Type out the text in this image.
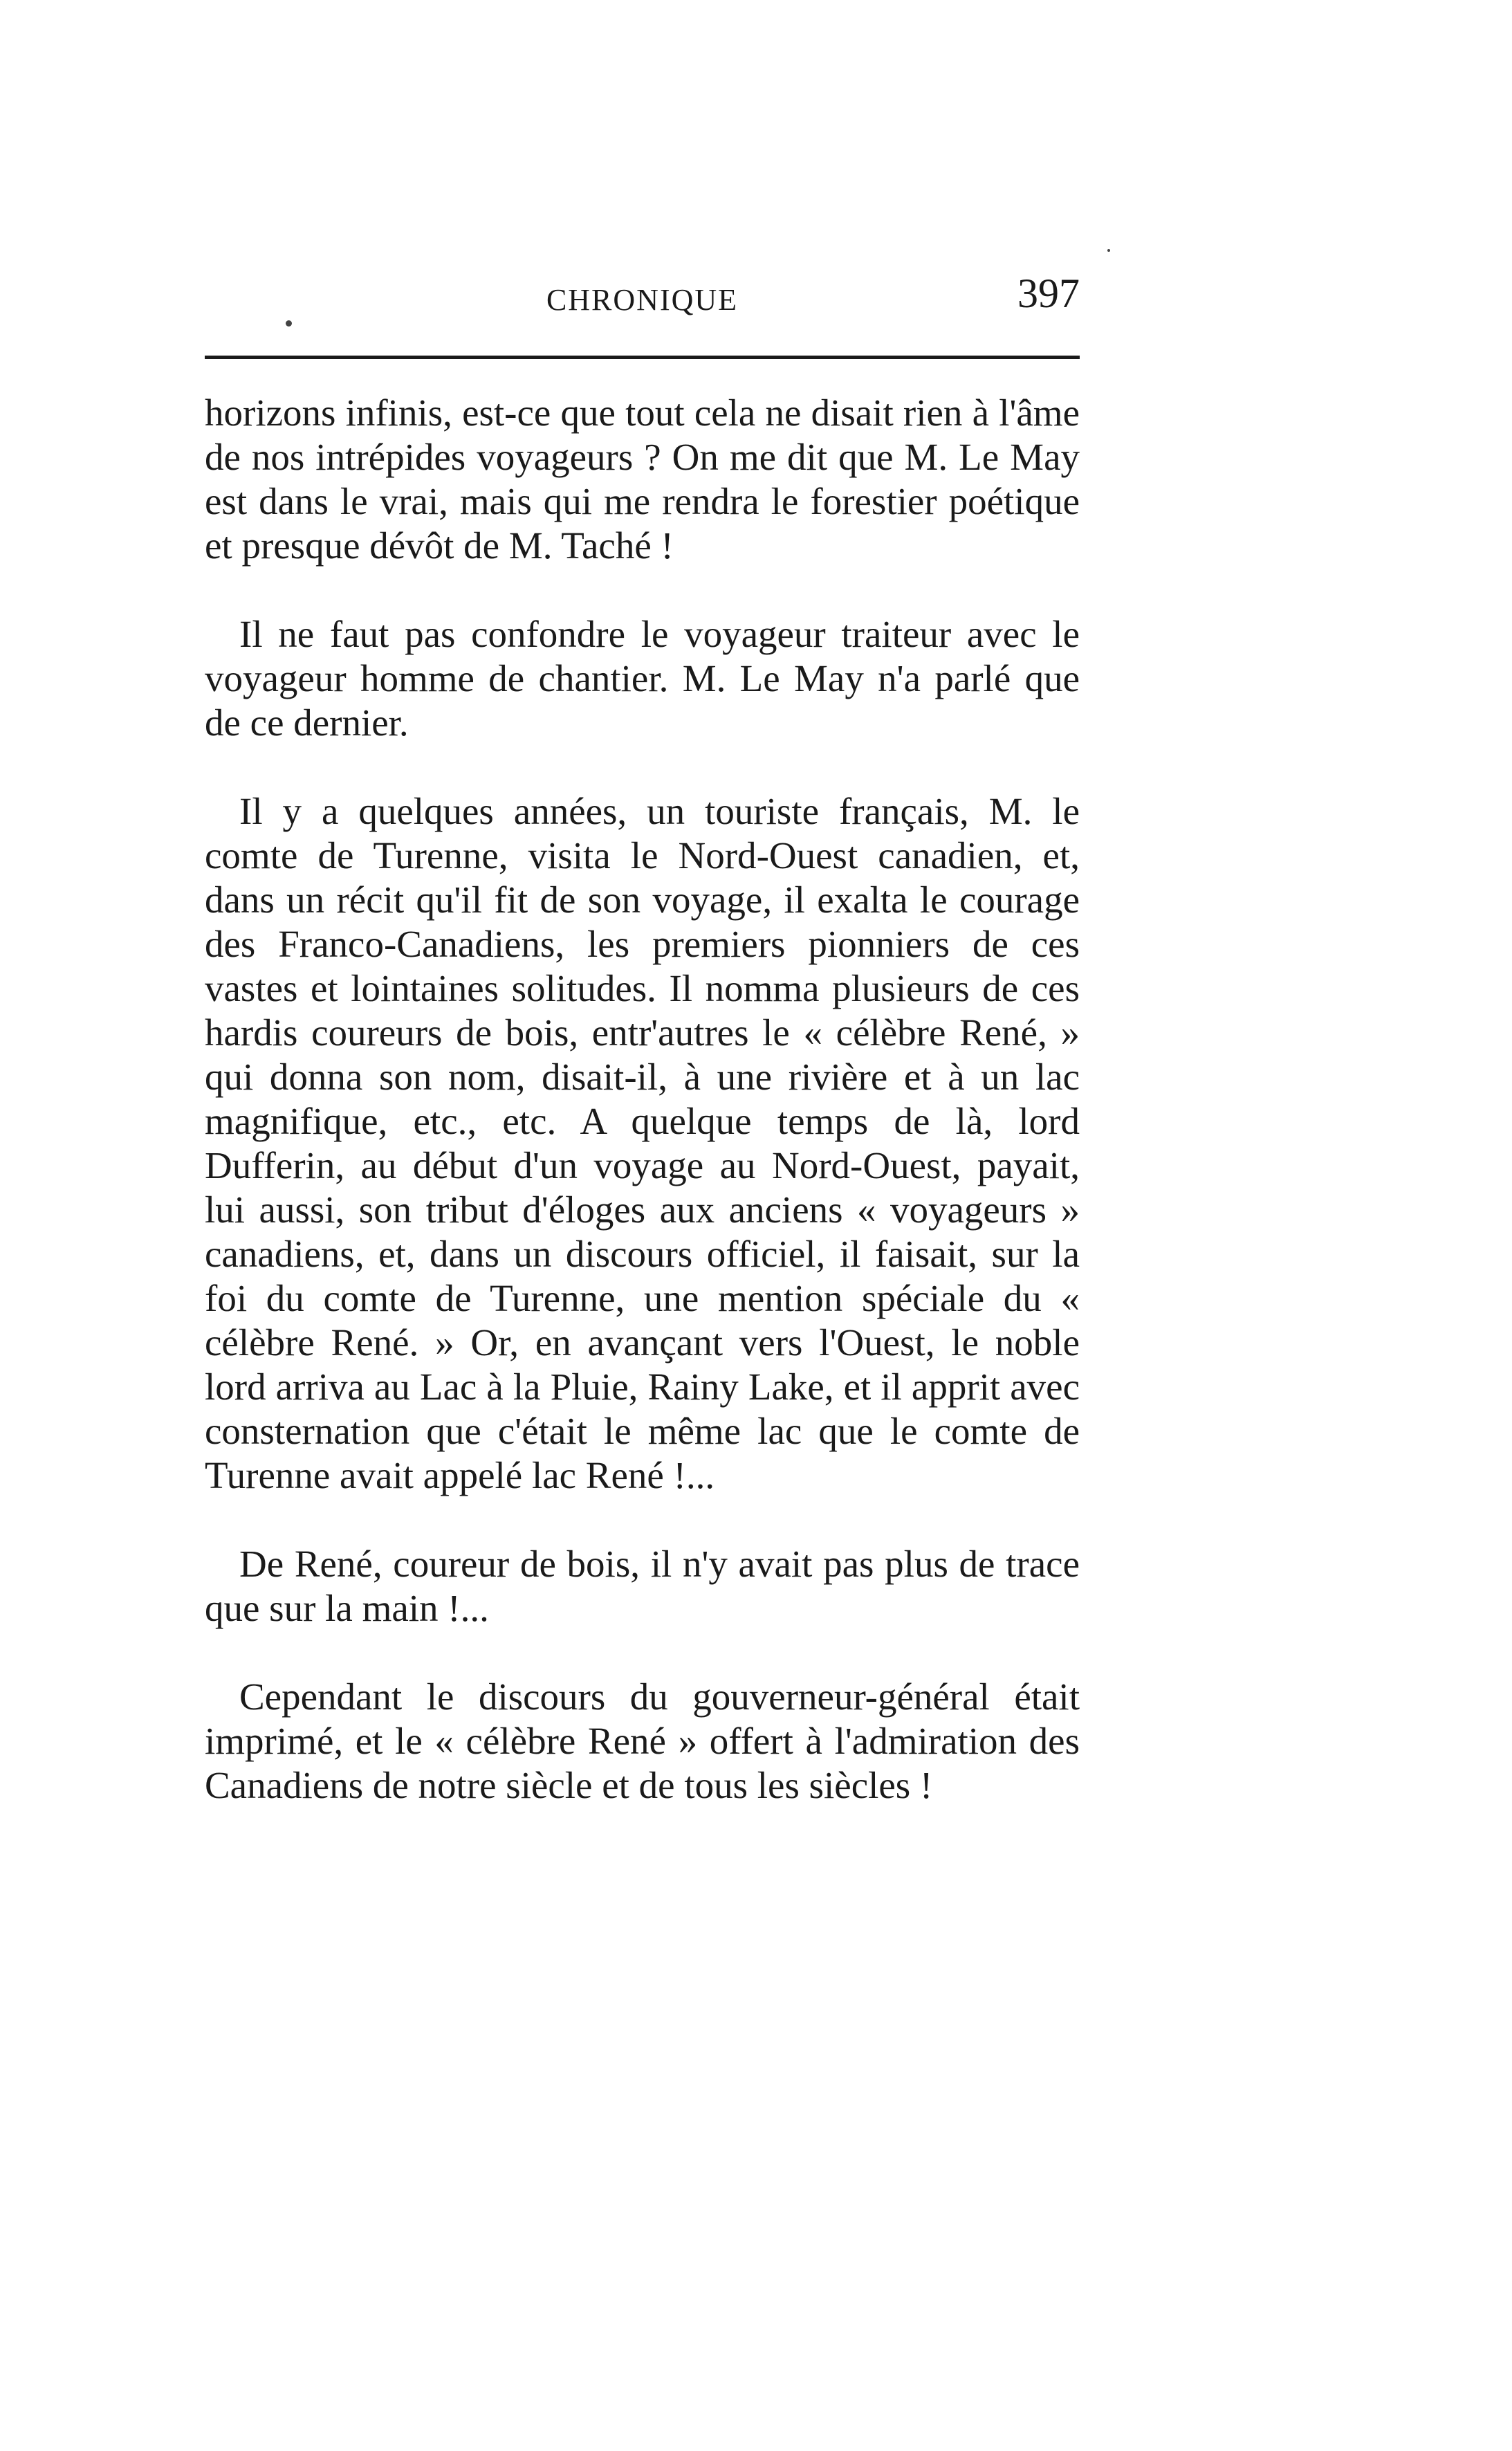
CHRONIQUE	397

horizons infinis, est-ce que tout cela ne disait rien à l'âme de nos intrépides voyageurs ? On me dit que M. Le May est dans le vrai, mais qui me rendra le forestier poétique et presque dévôt de M. Taché !

Il ne faut pas confondre le voyageur traiteur avec le voyageur homme de chantier. M. Le May n'a parlé que de ce dernier.

Il y a quelques années, un touriste français, M. le comte de Turenne, visita le Nord-Ouest canadien, et, dans un récit qu'il fit de son voyage, il exalta le courage des Franco-Canadiens, les premiers pionniers de ces vastes et lointaines solitudes. Il nomma plusieurs de ces hardis coureurs de bois, entr'autres le « célèbre René, » qui donna son nom, disait-il, à une rivière et à un lac magnifique, etc., etc. A quelque temps de là, lord Dufferin, au début d'un voyage au Nord-Ouest, payait, lui aussi, son tribut d'éloges aux anciens « voyageurs » canadiens, et, dans un discours officiel, il faisait, sur la foi du comte de Turenne, une mention spéciale du « célèbre René. » Or, en avançant vers l'Ouest, le noble lord arriva au Lac à la Pluie, Rainy Lake, et il apprit avec consternation que c'était le même lac que le comte de Turenne avait appelé lac René !...

De René, coureur de bois, il n'y avait pas plus de trace que sur la main !...

Cependant le discours du gouverneur-général était imprimé, et le « célèbre René » offert à l'admiration des Canadiens de notre siècle et de tous les siècles !
